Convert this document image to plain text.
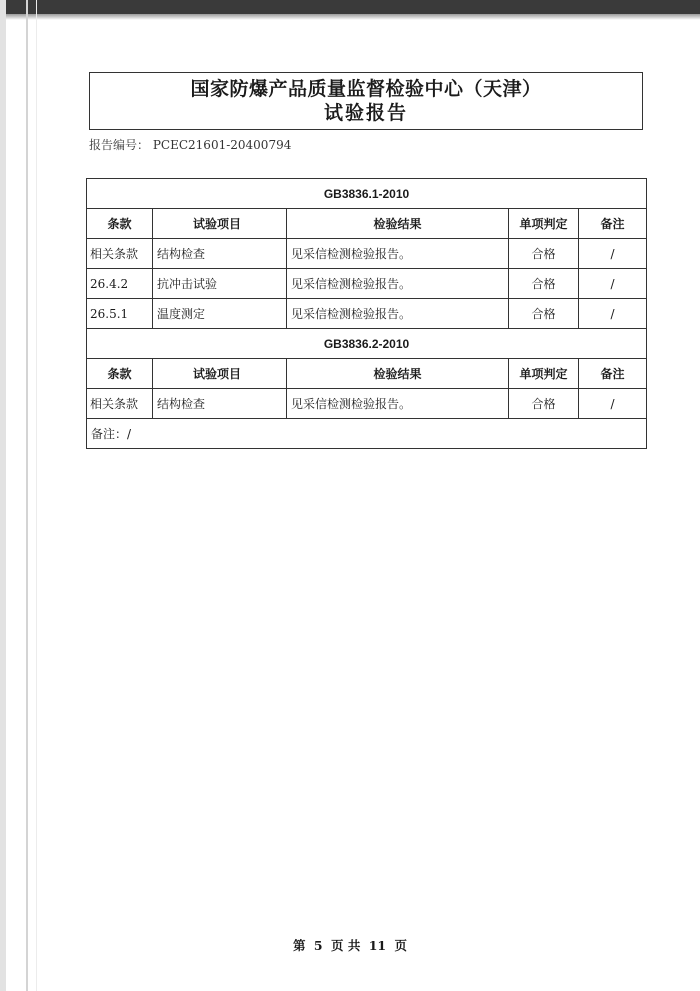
国家防爆产品质量监督检验中心（天津）
试验报告
报告编号： PCEC21601-20400794
GB3836.1-2010				
条款	试验项目	检验结果	单项判定	备注
相关条款	结构检查	见采信检测检验报告。	合格	/
26.4.2	抗冲击试验	见采信检测检验报告。	合格	/
26.5.1	温度测定	见采信检测检验报告。	合格	/
GB3836.2-2010				
条款	试验项目	检验结果	单项判定	备注
相关条款	结构检查	见采信检测检验报告。	合格	/
备注：/				
第 5 页 共 11 页
